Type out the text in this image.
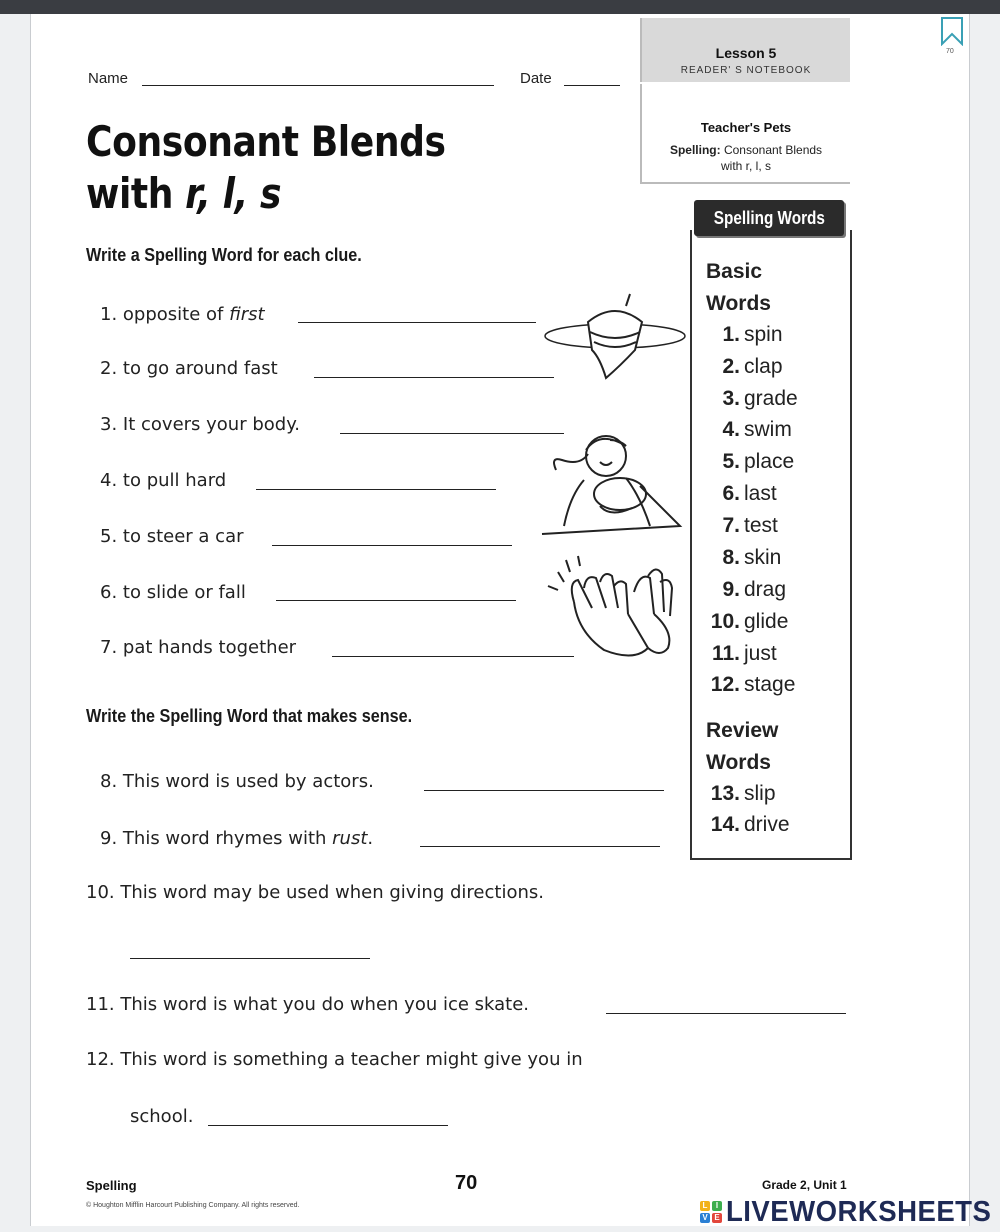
70
Lesson 5
READER' S NOTEBOOK
Teacher's Pets
Spelling: Consonant Blends
with r, l, s
Name	Date
Consonant Blends
with r, l, s
Write a Spelling Word for each clue.
1. opposite of first
2. to go around fast
3. It covers your body.
4. to pull hard
5. to steer a car
6. to slide or fall
7. pat hands together
Write the Spelling Word that makes sense.
8. This word is used by actors.
9. This word rhymes with rust.
10. This word may be used when giving directions.
11. This word is what you do when you ice skate.
12. This word is something a teacher might give you in
school.
Spelling Words
Basic
Words
1. spin
2. clap
3. grade
4. swim
5. place
6. last
7. test
8. skin
9. drag
10. glide
11. just
12. stage
Review
Words
13. slip
14. drive
Spelling	70	Grade 2, Unit 1
© Houghton Mifflin Harcourt Publishing Company. All rights reserved.	L	I
V E LIVEWORKSHEETS
